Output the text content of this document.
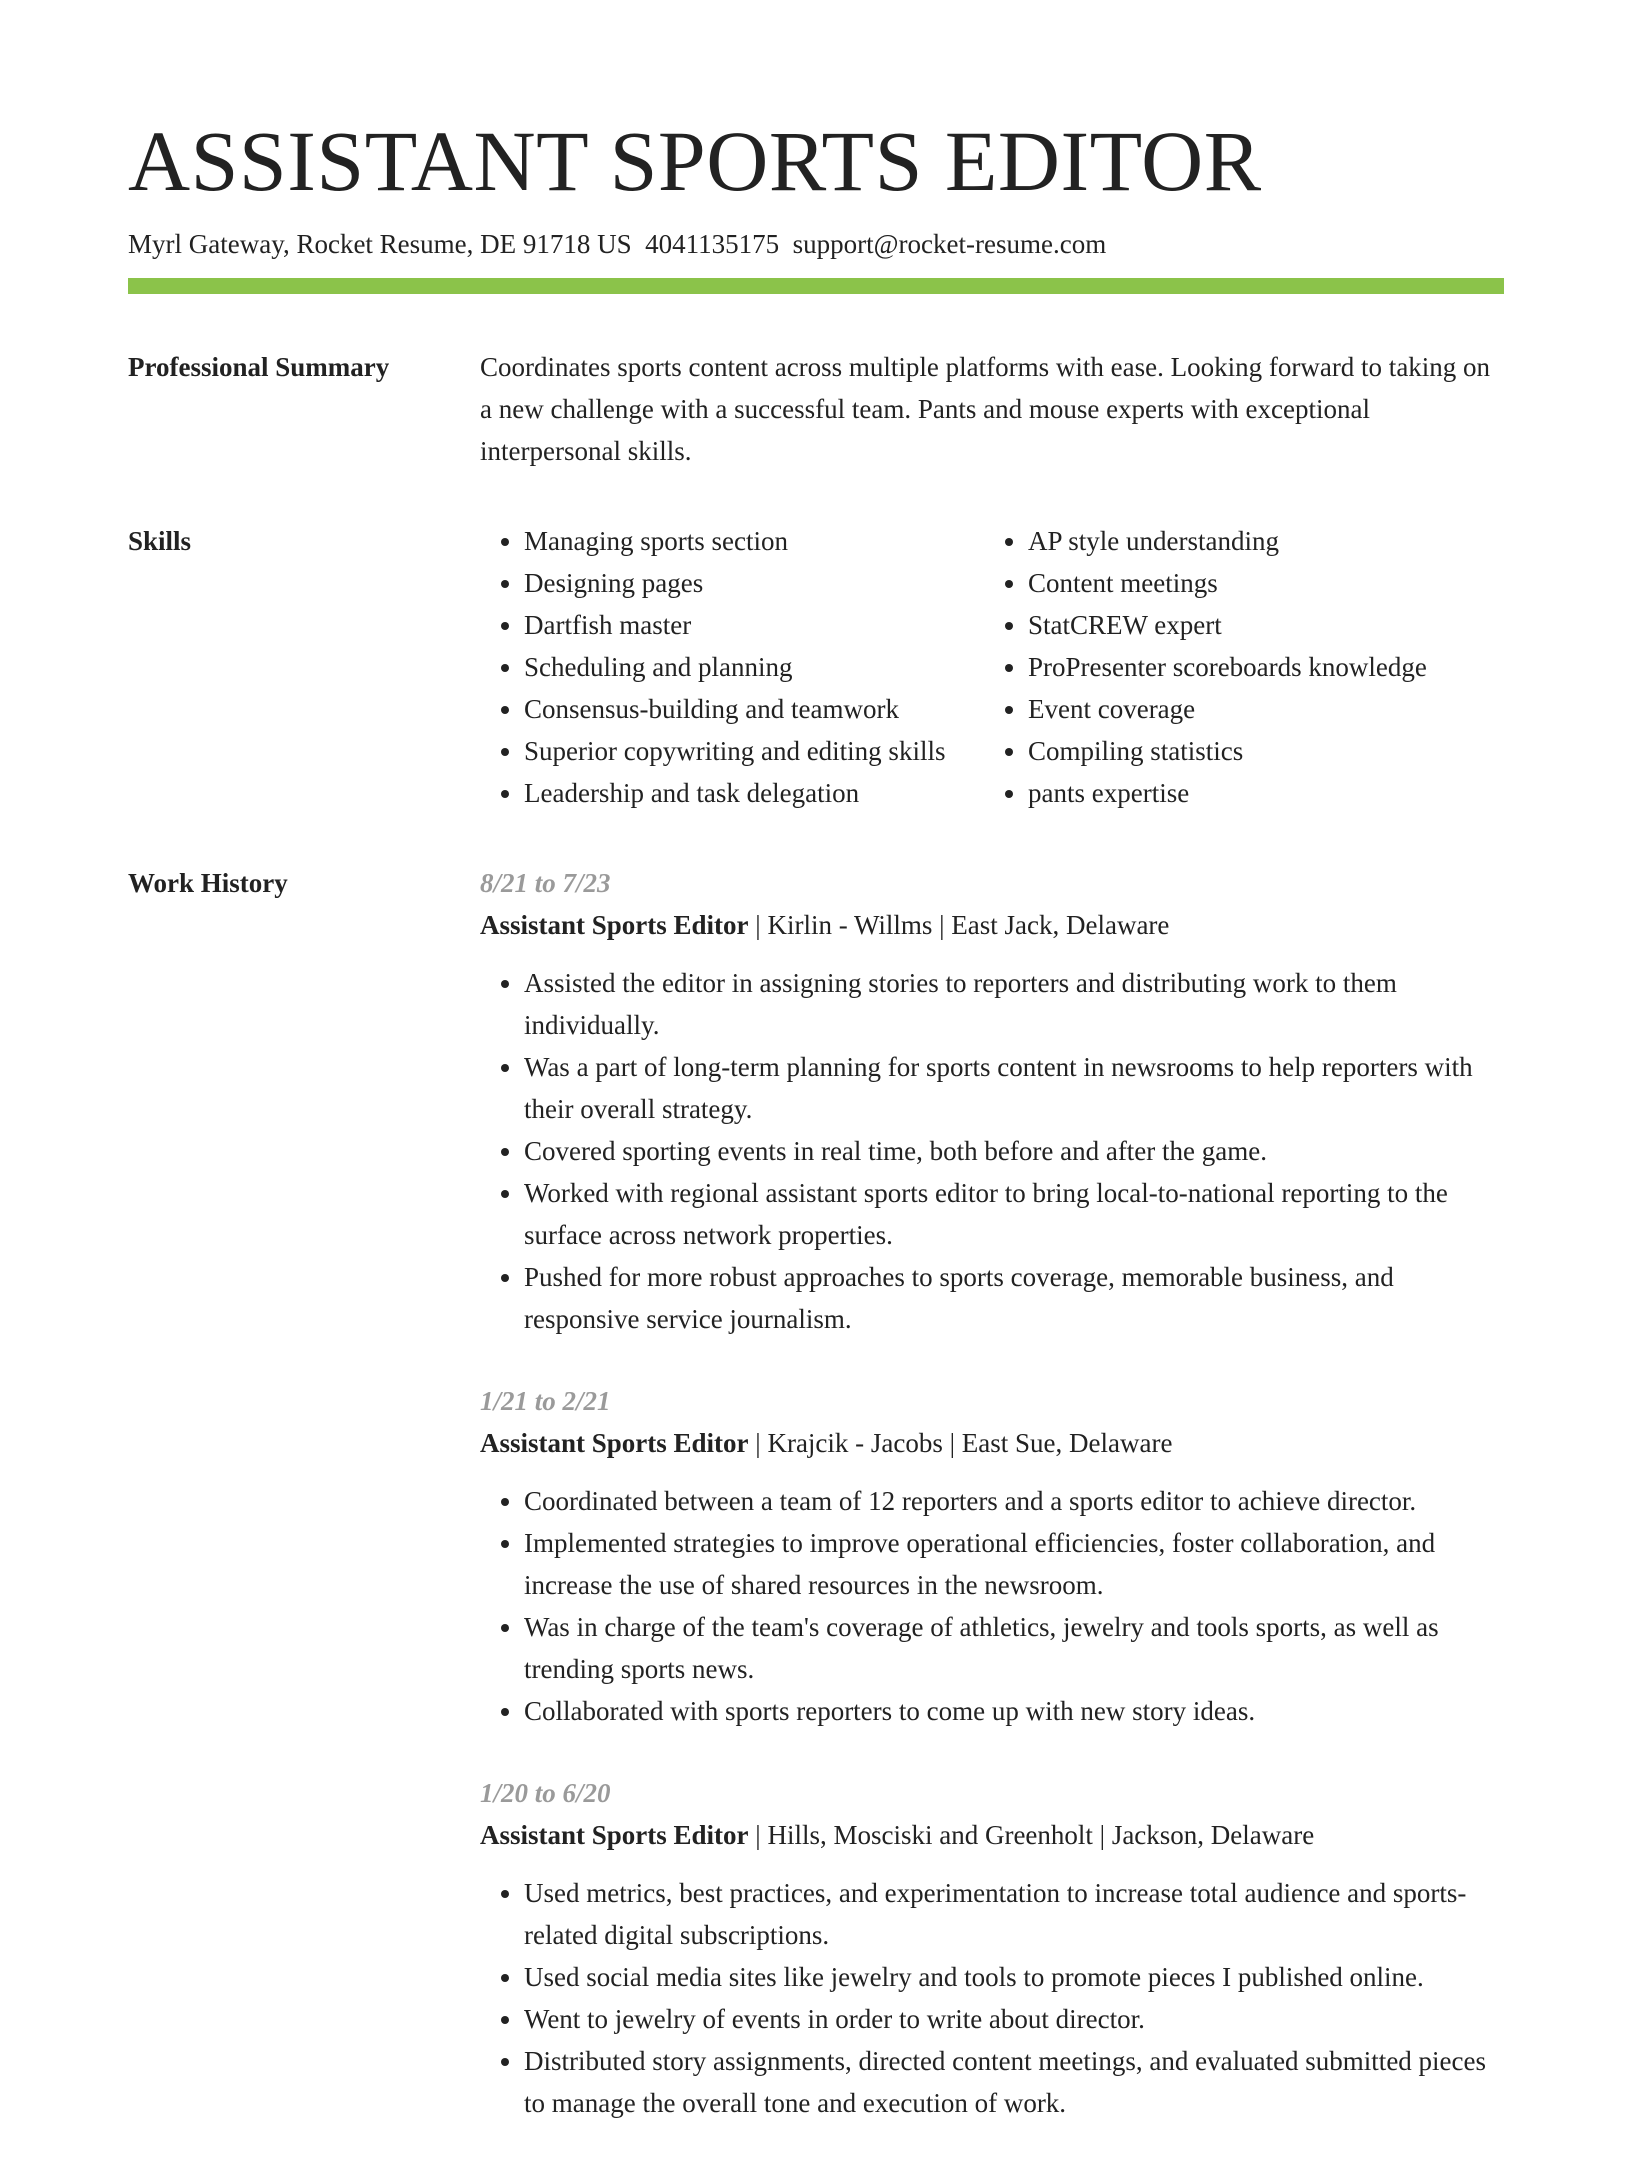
ASSISTANT SPORTS EDITOR
Myrl Gateway, Rocket Resume, DE 91718 US 4041135175 support@rocket-resume.com
Professional Summary	Coordinates sports content across multiple platforms with ease. Looking forward to taking on a new challenge with a successful team. Pants and mouse experts with exceptional interpersonal skills.
Skills
•	Managing sports section
• Designing pages
• Dartfish master
• Scheduling and planning
• Consensus-building and teamwork
• Superior copywriting and editing skills
• Leadership and task delegation
• AP style understanding
• Content meetings
• StatCREW expert
• ProPresenter scoreboards knowledge
• Event coverage
• Compiling statistics
• pants expertise
Work History	8/21 to 7/23
Assistant Sports Editor | Kirlin - Willms | East Jack, Delaware
• Assisted the editor in assigning stories to reporters and distributing work to them individually.
• Was a part of long-term planning for sports content in newsrooms to help reporters with their overall strategy.
• Covered sporting events in real time, both before and after the game.
• Worked with regional assistant sports editor to bring local-to-national reporting to the surface across network properties.
• Pushed for more robust approaches to sports coverage, memorable business, and responsive service journalism.
1/21 to 2/21
Assistant Sports Editor | Krajcik - Jacobs | East Sue, Delaware
• Coordinated between a team of 12 reporters and a sports editor to achieve director.
• Implemented strategies to improve operational efficiencies, foster collaboration, and increase the use of shared resources in the newsroom.
• Was in charge of the team's coverage of athletics, jewelry and tools sports, as well as trending sports news.
• Collaborated with sports reporters to come up with new story ideas.
1/20 to 6/20
Assistant Sports Editor | Hills, Mosciski and Greenholt | Jackson, Delaware
• Used metrics, best practices, and experimentation to increase total audience and sports-related digital subscriptions.
• Used social media sites like jewelry and tools to promote pieces I published online.
• Went to jewelry of events in order to write about director.
• Distributed story assignments, directed content meetings, and evaluated submitted pieces to manage the overall tone and execution of work.
